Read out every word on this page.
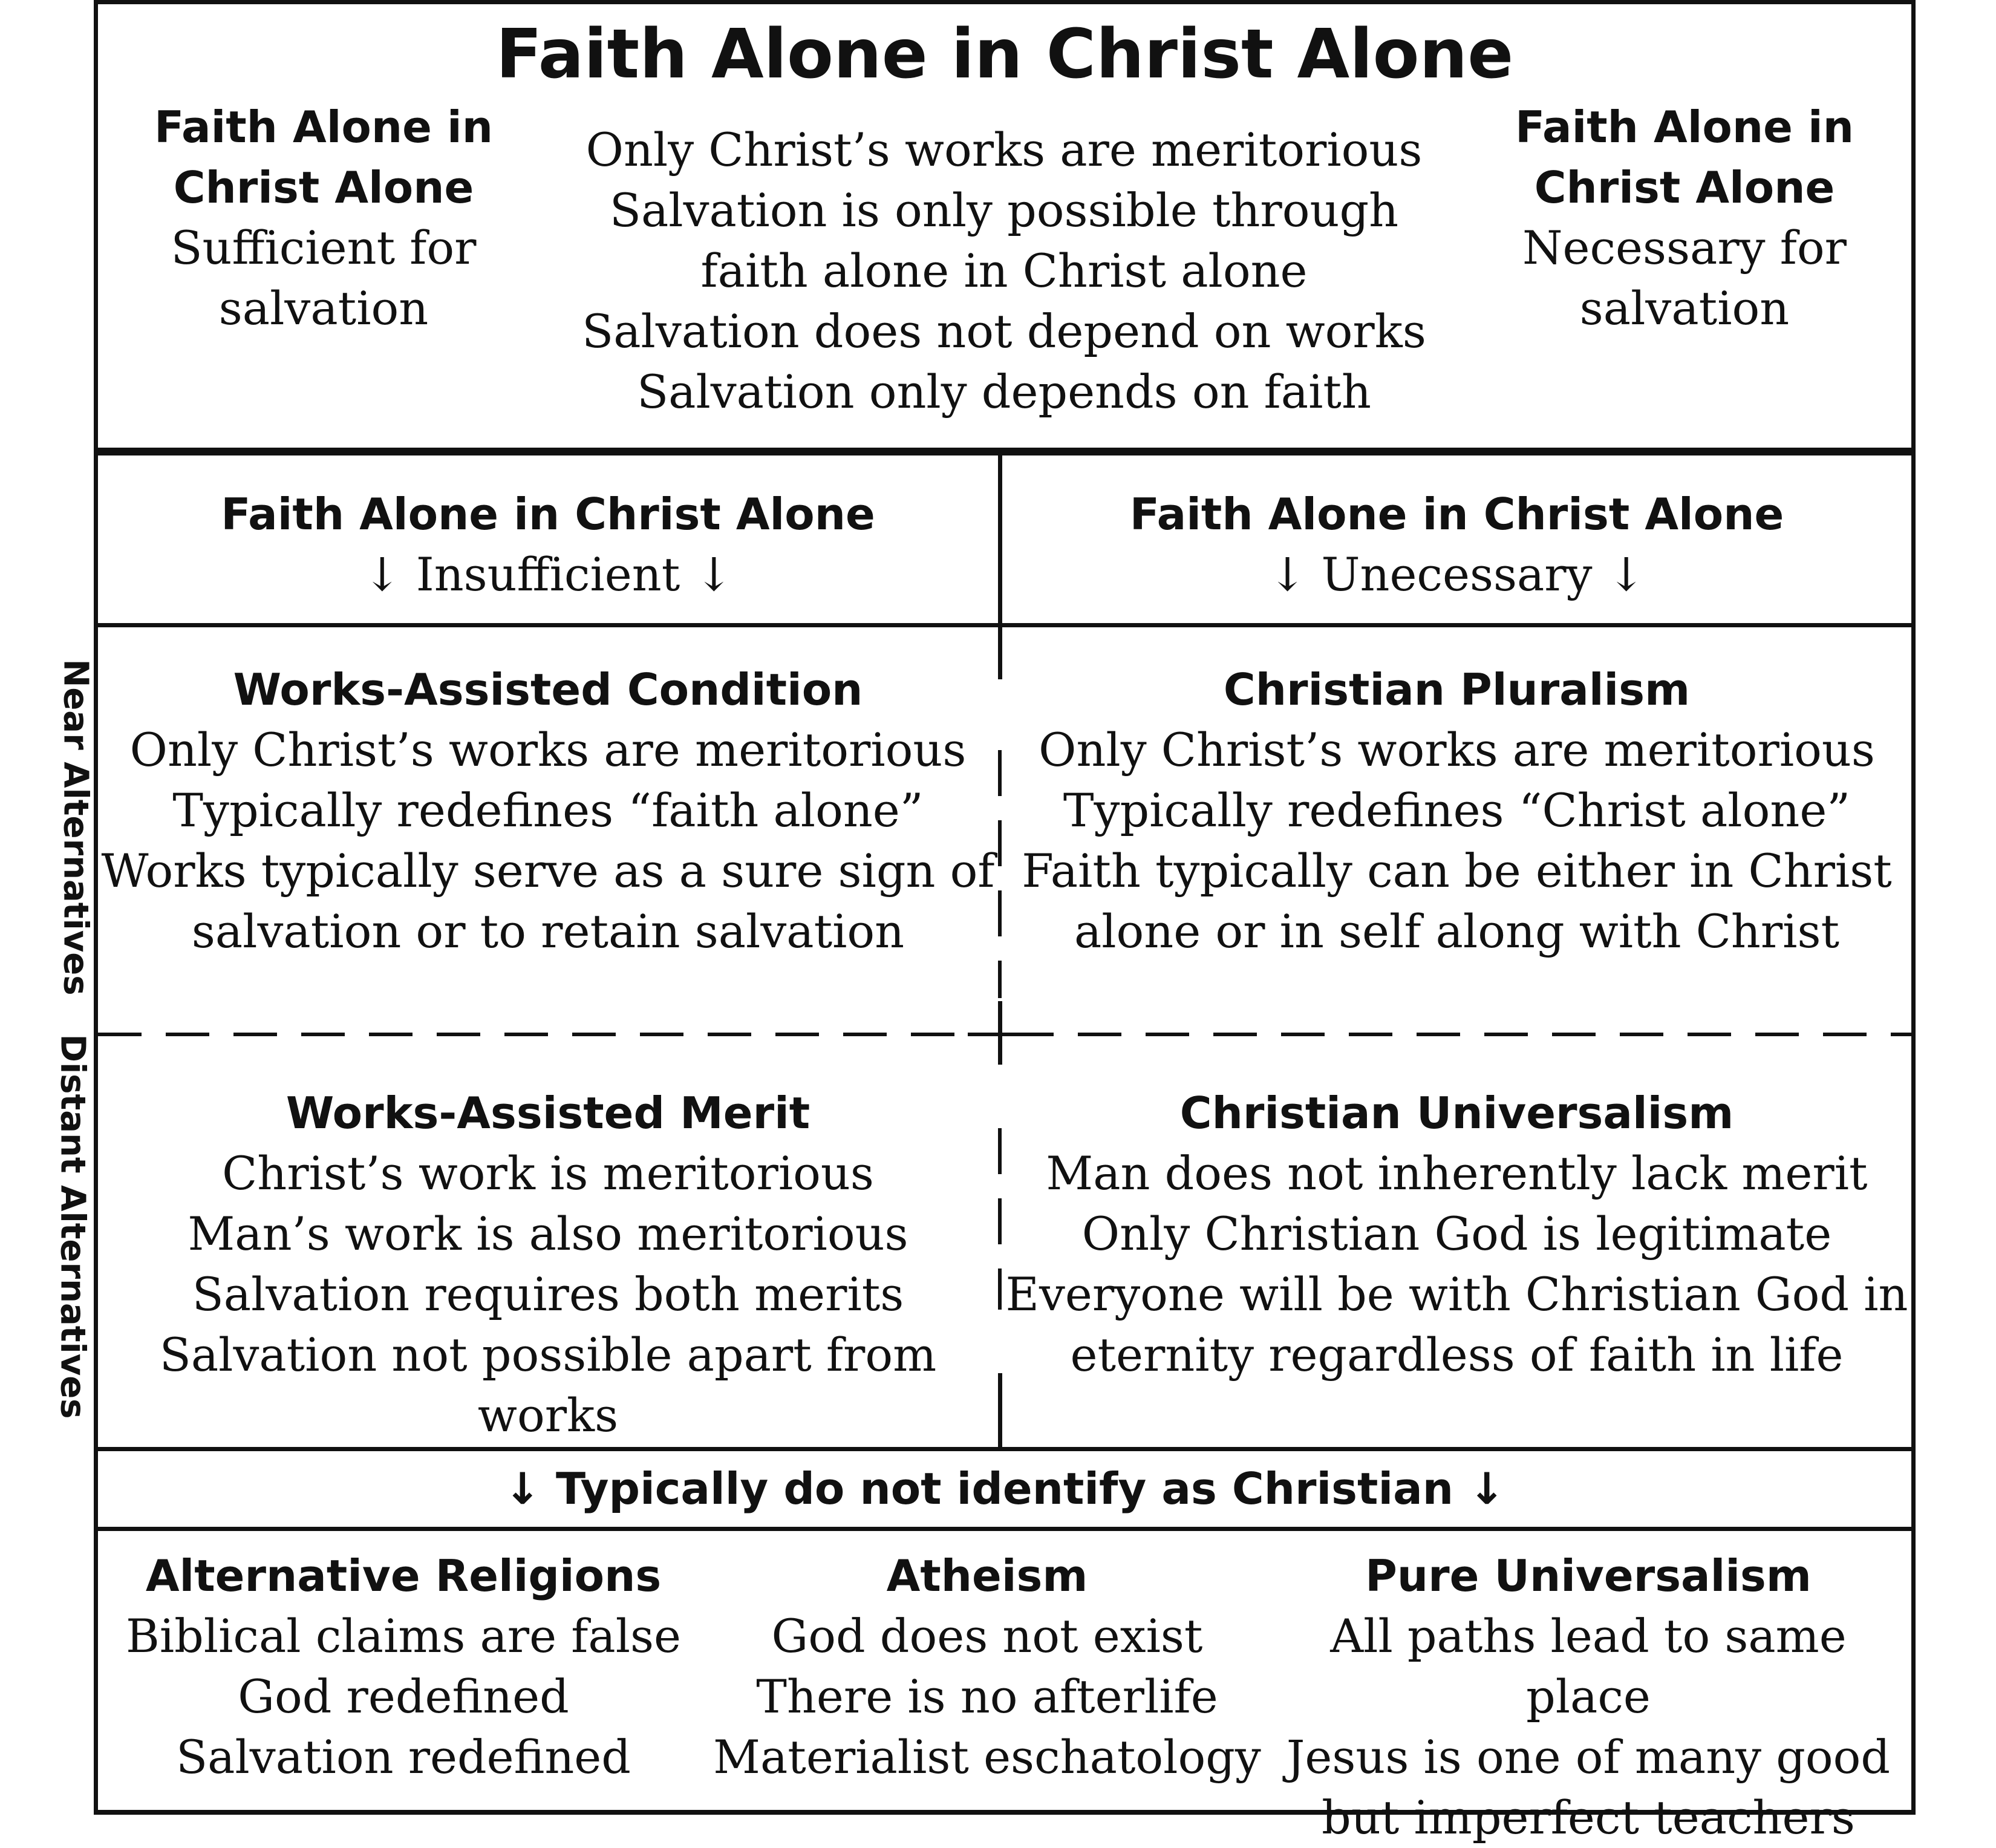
Faith Alone in Christ Alone
Faith Alone in
Christ Alone
Sufficient for
salvation
Only Christ’s works are meritorious
Salvation is only possible through
faith alone in Christ alone
Salvation does not depend on works
Salvation only depends on faith
Faith Alone in
Christ Alone
Necessary for
salvation
Faith Alone in Christ Alone
↓ Insufficient ↓
Faith Alone in Christ Alone
↓ Unecessary ↓
Near Alternatives
Distant Alternatives
Works-Assisted Condition
Only Christ’s works are meritorious
Typically redefines “faith alone”
Works typically serve as a sure sign of
salvation or to retain salvation
Christian Pluralism
Only Christ’s works are meritorious
Typically redefines “Christ alone”
Faith typically can be either in Christ
alone or in self along with Christ
Works-Assisted Merit
Christ’s work is meritorious
Man’s work is also meritorious
Salvation requires both merits
Salvation not possible apart from works
Christian Universalism
Man does not inherently lack merit
Only Christian God is legitimate
Everyone will be with Christian God in
eternity regardless of faith in life
↓ Typically do not identify as Christian ↓
Alternative Religions
Biblical claims are false
God redefined
Salvation redefined
Atheism
God does not exist
There is no afterlife
Materialist eschatology
Pure Universalism
All paths lead to same place
Jesus is one of many good
but imperfect teachers
